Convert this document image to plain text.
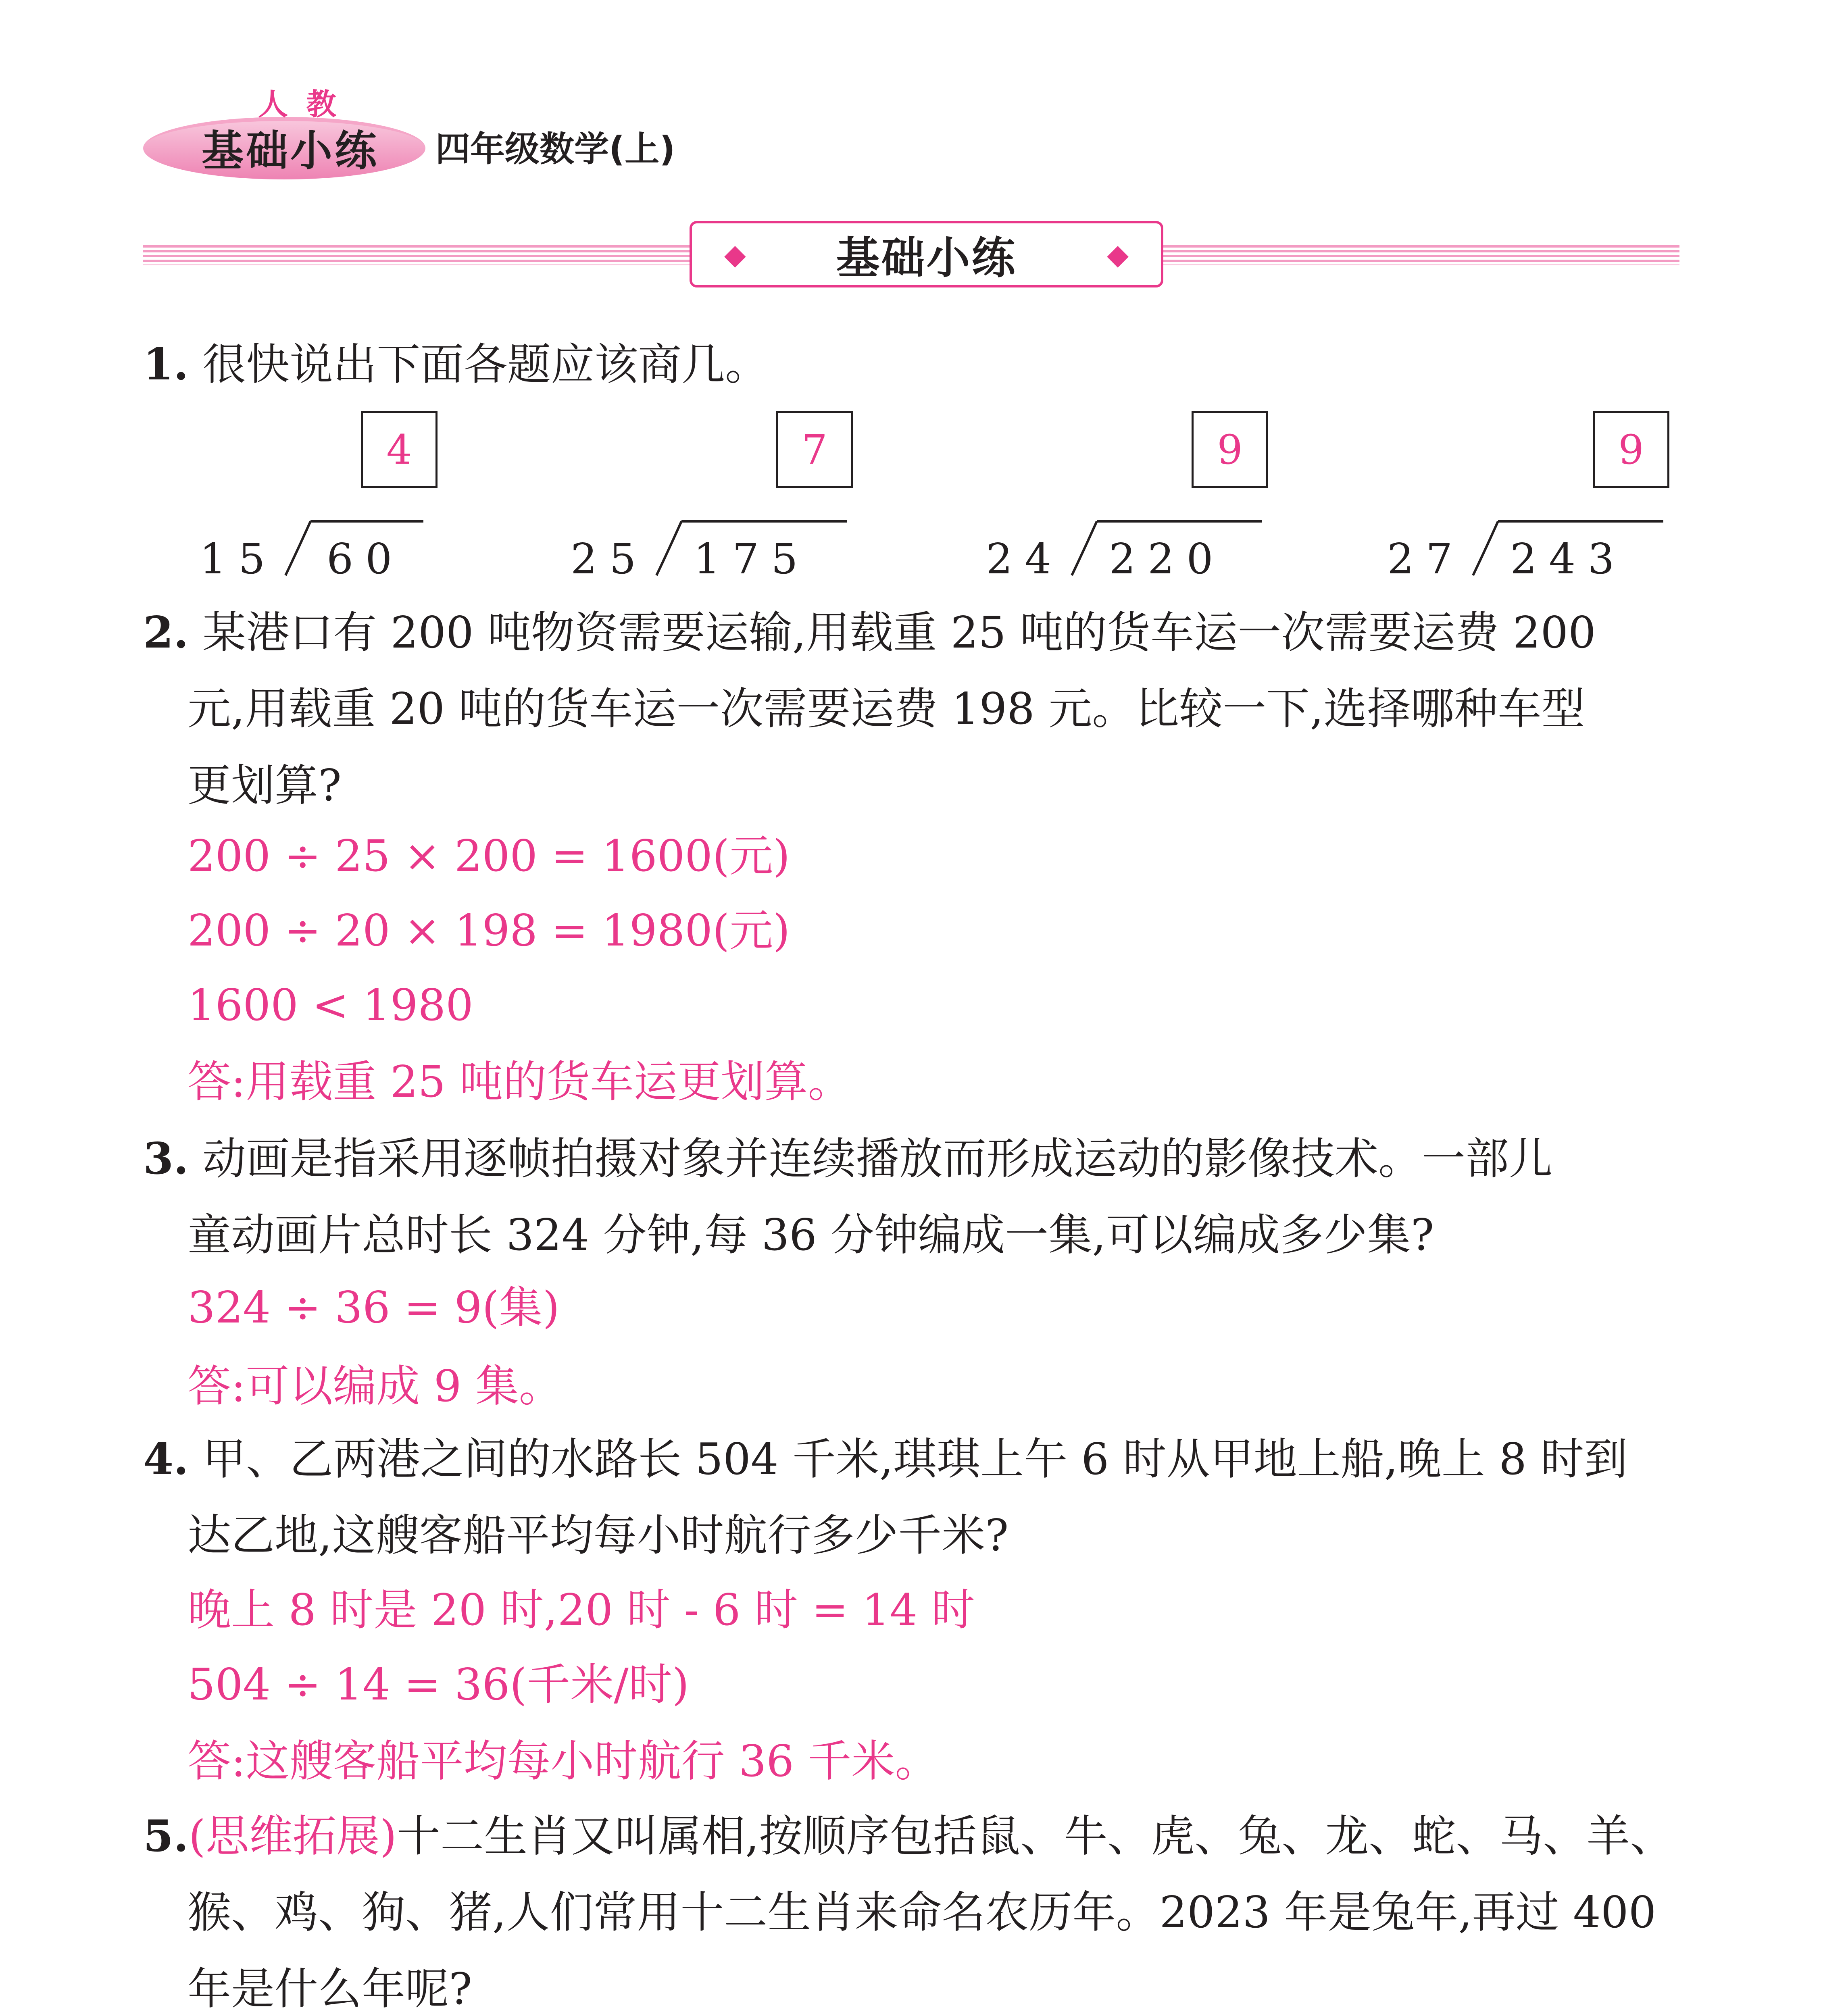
人 教
基础小练 四年级数学(上)
◆ 基础小练	◆
1. 很快说出下面各题应该商几。
4
15 60
7
25 175
9
24 220
9
27 243
2. 某港口有 200 吨物资需要运输,用载重 25 吨的货车运一次需要运费 200
元,用载重 20 吨的货车运一次需要运费 198 元。比较一下,选择哪种车型
更划算?
200 ÷ 25 × 200 = 1600(元)
200 ÷ 20 × 198 = 1980(元)
1600 < 1980
答:用载重 25 吨的货车运更划算。
3. 动画是指采用逐帧拍摄对象并连续播放而形成运动的影像技术。一部儿
童动画片总时长 324 分钟,每 36 分钟编成一集,可以编成多少集?
324 ÷ 36 = 9(集)
答:可以编成 9 集。
4. 甲、乙两港之间的水路长 504 千米,琪琪上午 6 时从甲地上船,晚上 8 时到
达乙地,这艘客船平均每小时航行多少千米?
晚上 8 时是 20 时,20 时 - 6 时 = 14 时
504 ÷ 14 = 36(千米/时)
答:这艘客船平均每小时航行 36 千米。
5.(思维拓展)十二生肖又叫属相,按顺序包括鼠、牛、虎、兔、龙、蛇、马、羊、
猴、鸡、狗、猪,人们常用十二生肖来命名农历年。2023 年是兔年,再过 400
年是什么年呢?
